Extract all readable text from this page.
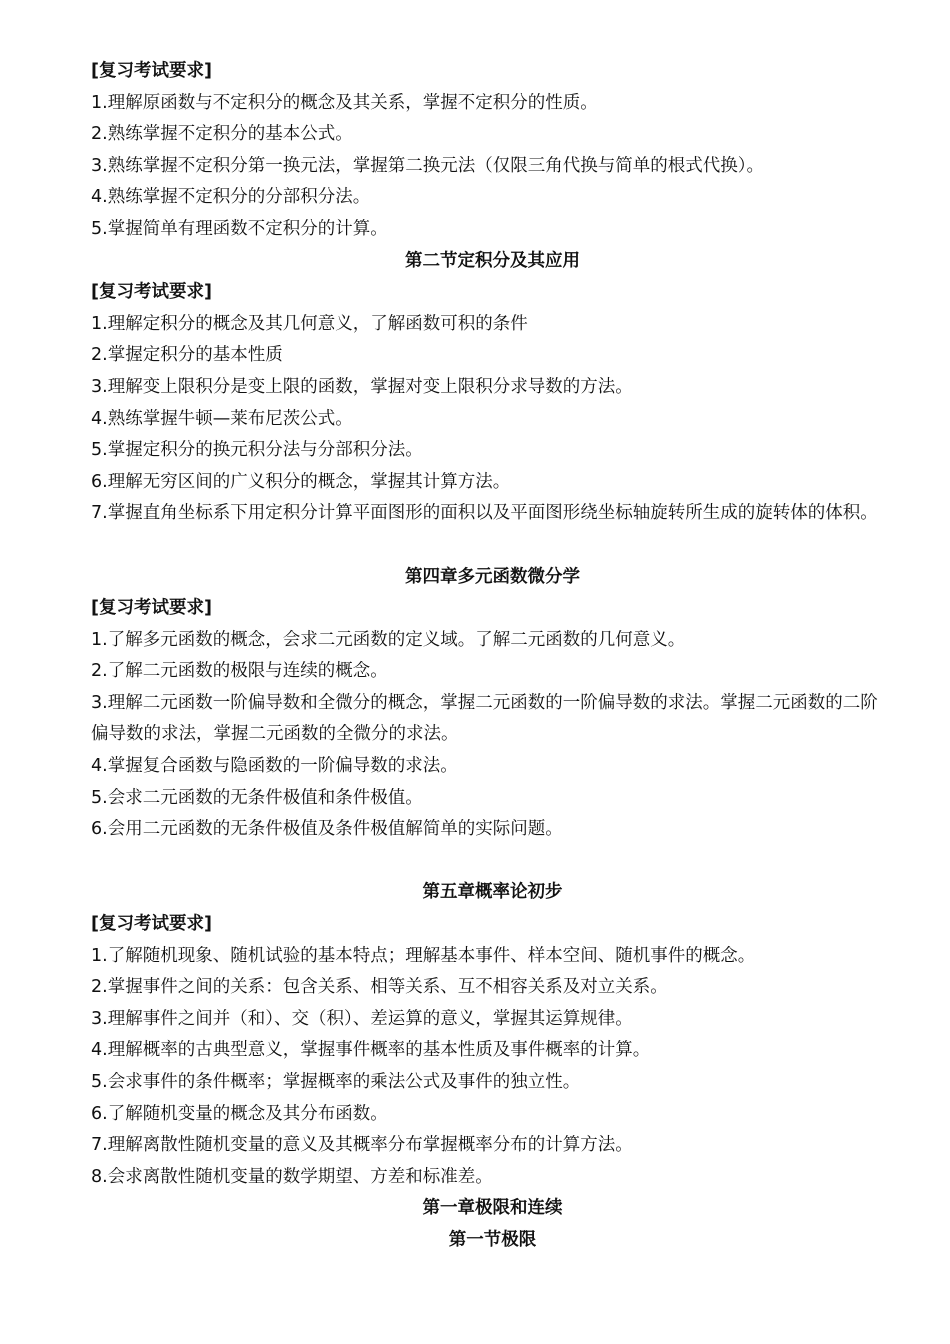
[复习考试要求]
1.理解原函数与不定积分的概念及其关系，掌握不定积分的性质。
2.熟练掌握不定积分的基本公式。
3.熟练掌握不定积分第一换元法，掌握第二换元法（仅限三角代换与简单的根式代换）。
4.熟练掌握不定积分的分部积分法。
5.掌握简单有理函数不定积分的计算。
第二节定积分及其应用
[复习考试要求]
1.理解定积分的概念及其几何意义，了解函数可积的条件
2.掌握定积分的基本性质
3.理解变上限积分是变上限的函数，掌握对变上限积分求导数的方法。
4.熟练掌握牛顿—莱布尼茨公式。
5.掌握定积分的换元积分法与分部积分法。
6.理解无穷区间的广义积分的概念，掌握其计算方法。
7.掌握直角坐标系下用定积分计算平面图形的面积以及平面图形绕坐标轴旋转所生成的旋转体的体积。
第四章多元函数微分学
[复习考试要求]
1.了解多元函数的概念，会求二元函数的定义域。了解二元函数的几何意义。
2.了解二元函数的极限与连续的概念。
3.理解二元函数一阶偏导数和全微分的概念，掌握二元函数的一阶偏导数的求法。掌握二元函数的二阶偏导数的求法，掌握二元函数的全微分的求法。
4.掌握复合函数与隐函数的一阶偏导数的求法。
5.会求二元函数的无条件极值和条件极值。
6.会用二元函数的无条件极值及条件极值解简单的实际问题。
第五章概率论初步
[复习考试要求]
1.了解随机现象、随机试验的基本特点；理解基本事件、样本空间、随机事件的概念。
2.掌握事件之间的关系：包含关系、相等关系、互不相容关系及对立关系。
3.理解事件之间并（和）、交（积）、差运算的意义，掌握其运算规律。
4.理解概率的古典型意义，掌握事件概率的基本性质及事件概率的计算。
5.会求事件的条件概率；掌握概率的乘法公式及事件的独立性。
6.了解随机变量的概念及其分布函数。
7.理解离散性随机变量的意义及其概率分布掌握概率分布的计算方法。
8.会求离散性随机变量的数学期望、方差和标准差。
第一章极限和连续
第一节极限
